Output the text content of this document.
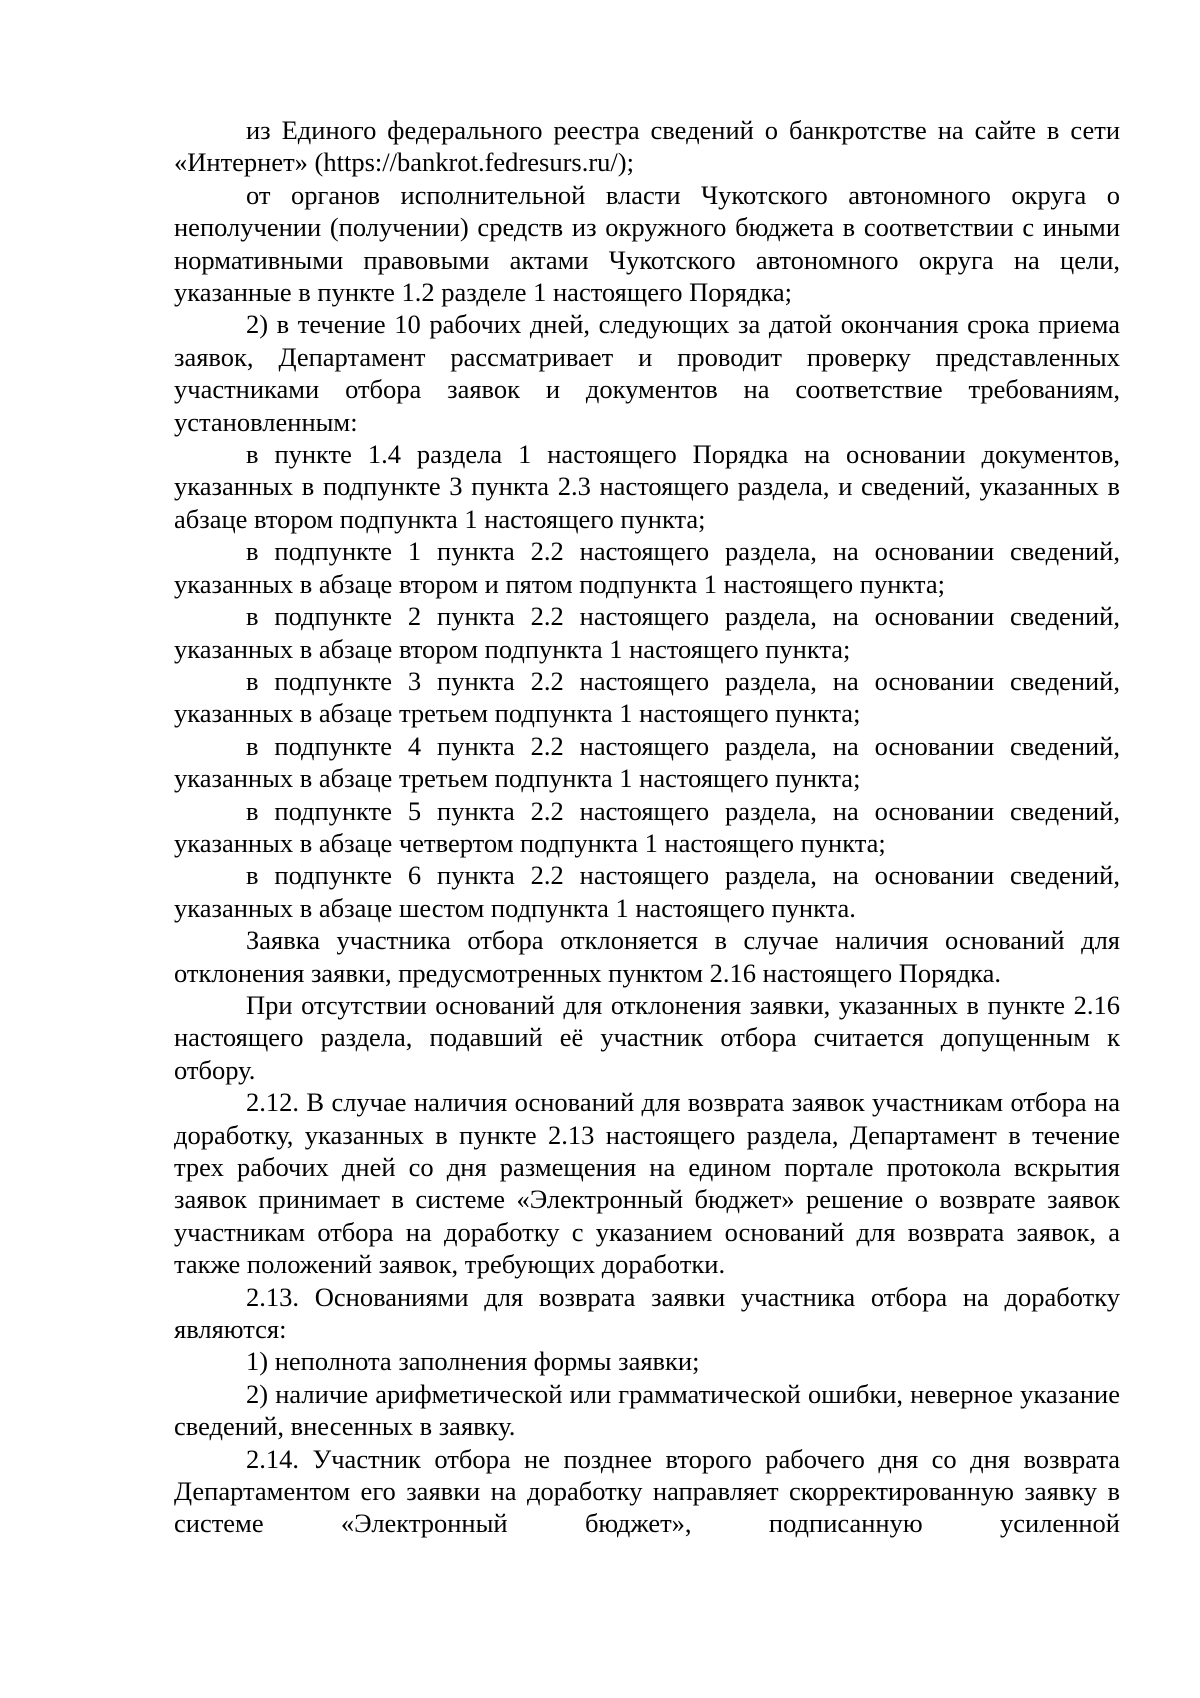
из Единого федерального реестра сведений о банкротстве на сайте в сети «Интернет» (https://bankrot.fedresurs.ru/);

от органов исполнительной власти Чукотского автономного округа о неполучении (получении) средств из окружного бюджета в соответствии с иными нормативными правовыми актами Чукотского автономного округа на цели, указанные в пункте 1.2 разделе 1 настоящего Порядка;

2) в течение 10 рабочих дней, следующих за датой окончания срока приема заявок, Департамент рассматривает и проводит проверку представленных участниками отбора заявок и документов на соответствие требованиям, установленным:

в пункте 1.4 раздела 1 настоящего Порядка на основании документов, указанных в подпункте 3 пункта 2.3 настоящего раздела, и сведений, указанных в абзаце втором подпункта 1 настоящего пункта;

в подпункте 1 пункта 2.2 настоящего раздела, на основании сведений, указанных в абзаце втором и пятом подпункта 1 настоящего пункта;

в подпункте 2 пункта 2.2 настоящего раздела, на основании сведений, указанных в абзаце втором подпункта 1 настоящего пункта;

в подпункте 3 пункта 2.2 настоящего раздела, на основании сведений, указанных в абзаце третьем подпункта 1 настоящего пункта;

в подпункте 4 пункта 2.2 настоящего раздела, на основании сведений, указанных в абзаце третьем подпункта 1 настоящего пункта;

в подпункте 5 пункта 2.2 настоящего раздела, на основании сведений, указанных в абзаце четвертом подпункта 1 настоящего пункта;

в подпункте 6 пункта 2.2 настоящего раздела, на основании сведений, указанных в абзаце шестом подпункта 1 настоящего пункта.

Заявка участника отбора отклоняется в случае наличия оснований для отклонения заявки, предусмотренных пунктом 2.16 настоящего Порядка.

При отсутствии оснований для отклонения заявки, указанных в пункте 2.16 настоящего раздела, подавший её участник отбора считается допущенным к отбору.

2.12. В случае наличия оснований для возврата заявок участникам отбора на доработку, указанных в пункте 2.13 настоящего раздела, Департамент в течение трех рабочих дней со дня размещения на едином портале протокола вскрытия заявок принимает в системе «Электронный бюджет» решение о возврате заявок участникам отбора на доработку с указанием оснований для возврата заявок, а также положений заявок, требующих доработки.

2.13. Основаниями для возврата заявки участника отбора на доработку являются:

1) неполнота заполнения формы заявки;

2) наличие арифметической или грамматической ошибки, неверное указание сведений, внесенных в заявку.

2.14. Участник отбора не позднее второго рабочего дня со дня возврата Департаментом его заявки на доработку направляет скорректированную заявку в системе «Электронный бюджет», подписанную усиленной
